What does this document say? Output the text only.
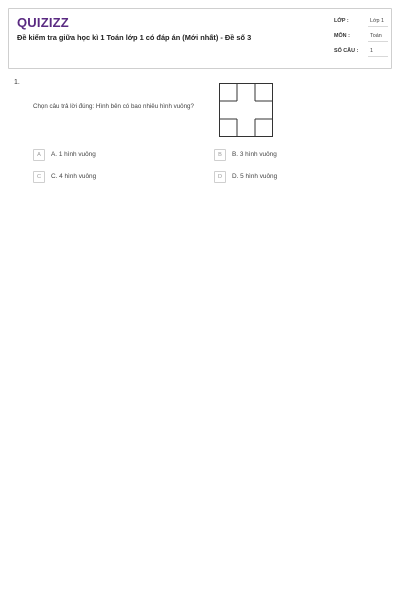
QUIZIZZ
Đề kiểm tra giữa học kì 1 Toán lớp 1 có đáp án (Mới nhất) - Đề số 3
LỚP :	Lớp 1
MÔN :	Toán
SỐ CÂU :	1
1.
Chọn câu trả lời đúng: Hình bên có bao nhiêu hình vuông?
A	A. 1 hình vuông	B	B. 3 hình vuông
C	C. 4 hình vuông	D	D. 5 hình vuông
